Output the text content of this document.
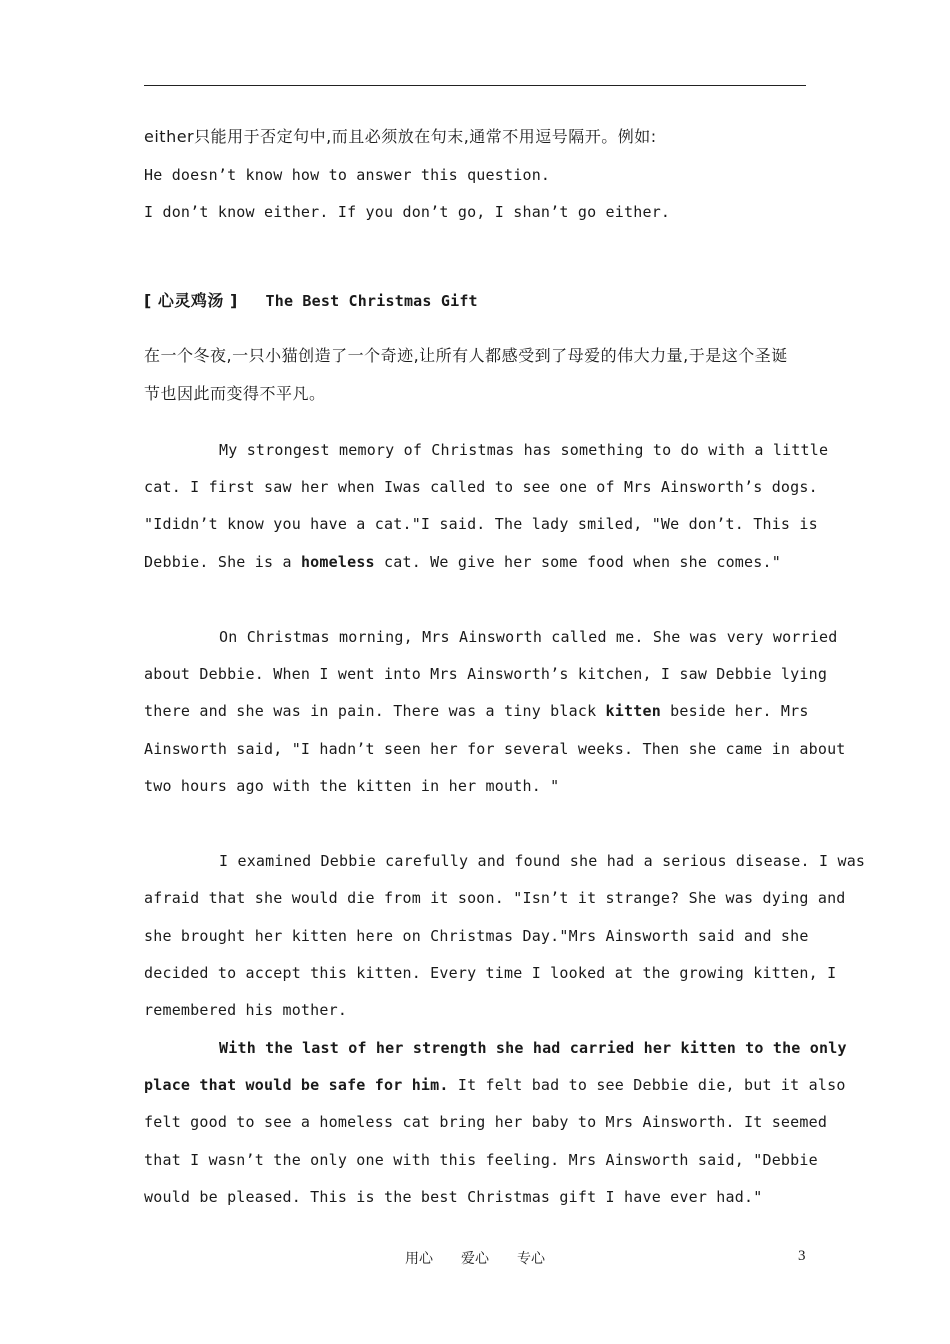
either只能用于否定句中,而且必须放在句末,通常不用逗号隔开。例如:
He doesn’t know how to answer this question.
I don’t know either. If you don’t go, I shan’t go either.
[ 心灵鸡汤 ] The Best Christmas Gift
在一个冬夜,一只小猫创造了一个奇迹,让所有人都感受到了母爱的伟大力量,于是这个圣诞
节也因此而变得不平凡。
My strongest memory of Christmas has something to do with a little
cat. I first saw her when Iwas called to see one of Mrs Ainsworth’s dogs.
"Ididn’t know you have a cat."I said. The lady smiled, "We don’t. This is
Debbie. She is a homeless cat. We give her some food when she comes."
On Christmas morning, Mrs Ainsworth called me. She was very worried
about Debbie. When I went into Mrs Ainsworth’s kitchen, I saw Debbie lying
there and she was in pain. There was a tiny black kitten beside her. Mrs
Ainsworth said, "I hadn’t seen her for several weeks. Then she came in about
two hours ago with the kitten in her mouth. "
I examined Debbie carefully and found she had a serious disease. I was
afraid that she would die from it soon. "Isn’t it strange? She was dying and
she brought her kitten here on Christmas Day."Mrs Ainsworth said and she
decided to accept this kitten. Every time I looked at the growing kitten, I
remembered his mother.
With the last of her strength she had carried her kitten to the only
place that would be safe for him. It felt bad to see Debbie die, but it also
felt good to see a homeless cat bring her baby to Mrs Ainsworth. It seemed
that I wasn’t the only one with this feeling. Mrs Ainsworth said, "Debbie
would be pleased. This is the best Christmas gift I have ever had."
用心 爱心 专心	3
